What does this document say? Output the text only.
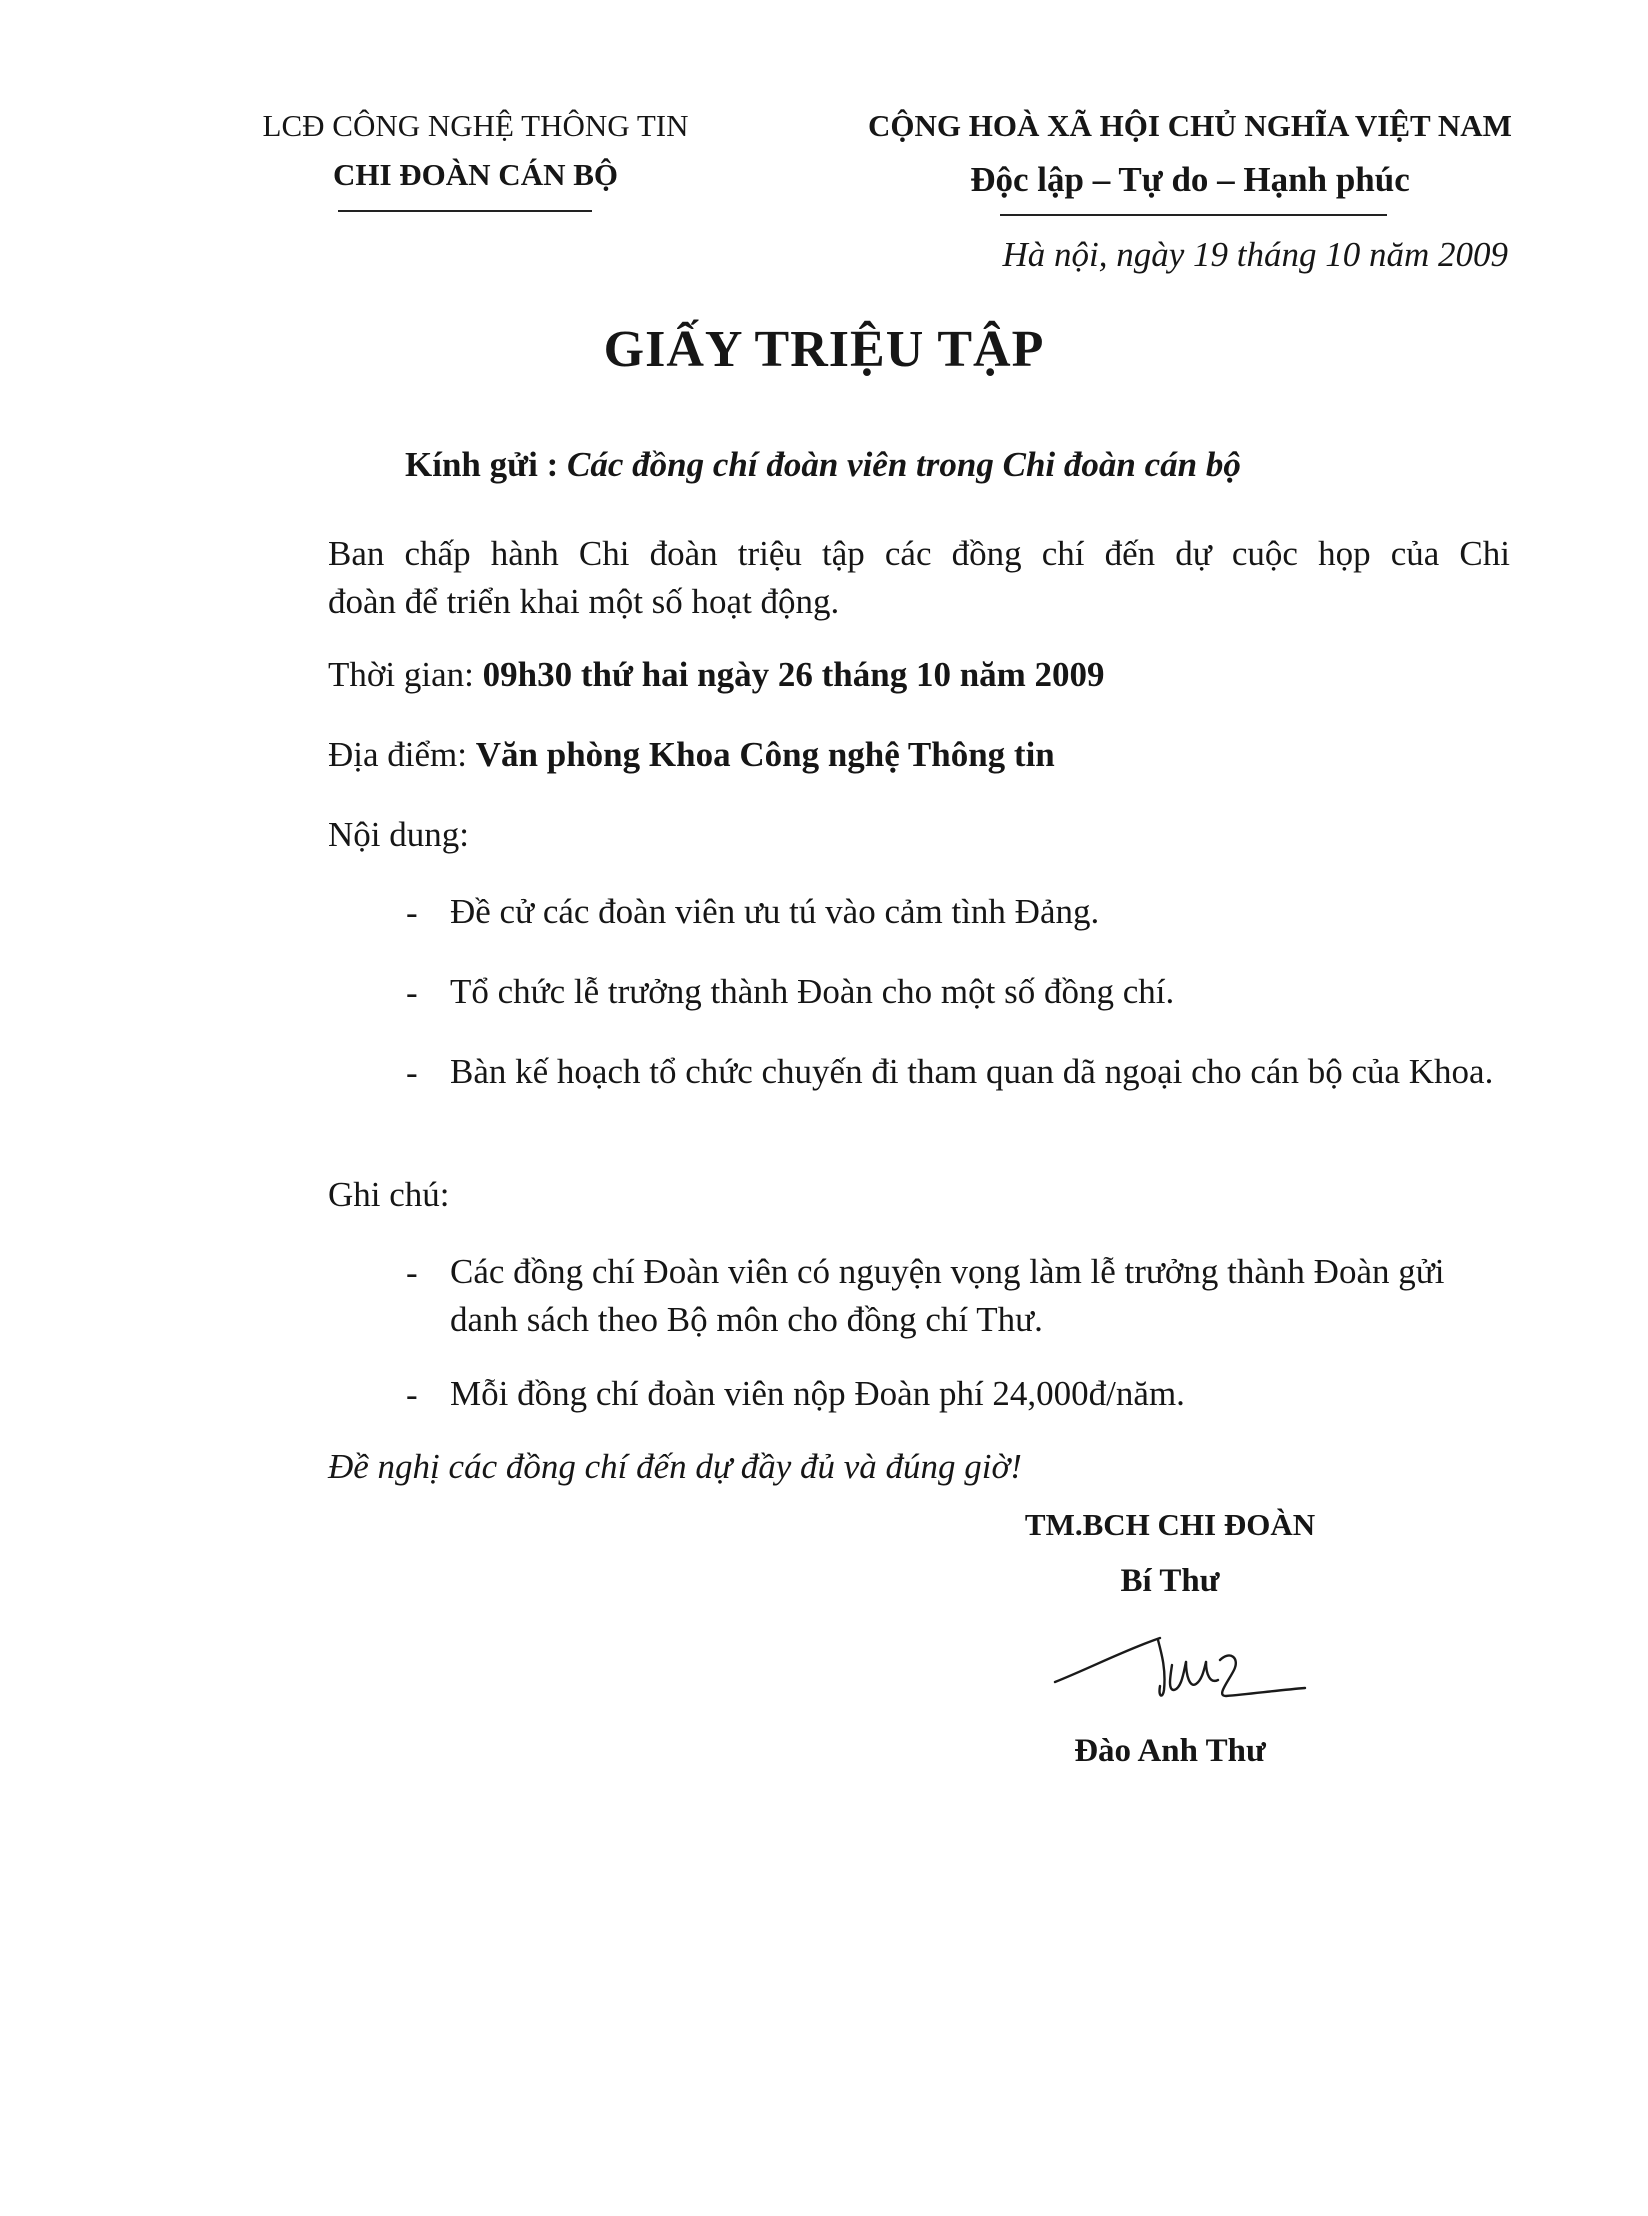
LCĐ CÔNG NGHỆ THÔNG TIN
CHI ĐOÀN CÁN BỘ
CỘNG HOÀ XÃ HỘI CHỦ NGHĨA VIỆT NAM
Độc lập – Tự do – Hạnh phúc
Hà nội, ngày 19 tháng 10 năm 2009
GIẤY TRIỆU TẬP
Kính gửi : Các đồng chí đoàn viên trong Chi đoàn cán bộ
Ban chấp hành Chi đoàn triệu tập các đồng chí đến dự cuộc họp của Chi
đoàn để triển khai một số hoạt động.
Thời gian: 09h30 thứ hai ngày 26 tháng 10 năm 2009
Địa điểm: Văn phòng Khoa Công nghệ Thông tin
Nội dung:
- Đề cử các đoàn viên ưu tú vào cảm tình Đảng.
- Tổ chức lễ trưởng thành Đoàn cho một số đồng chí.
- Bàn kế hoạch tổ chức chuyến đi tham quan dã ngoại cho cán bộ của Khoa.
Ghi chú:
- Các đồng chí Đoàn viên có nguyện vọng làm lễ trưởng thành Đoàn gửi danh sách theo Bộ môn cho đồng chí Thư.
- Mỗi đồng chí đoàn viên nộp Đoàn phí 24,000đ/năm.
Đề nghị các đồng chí đến dự đầy đủ và đúng giờ!
TM.BCH CHI ĐOÀN
Bí Thư
Đào Anh Thư
